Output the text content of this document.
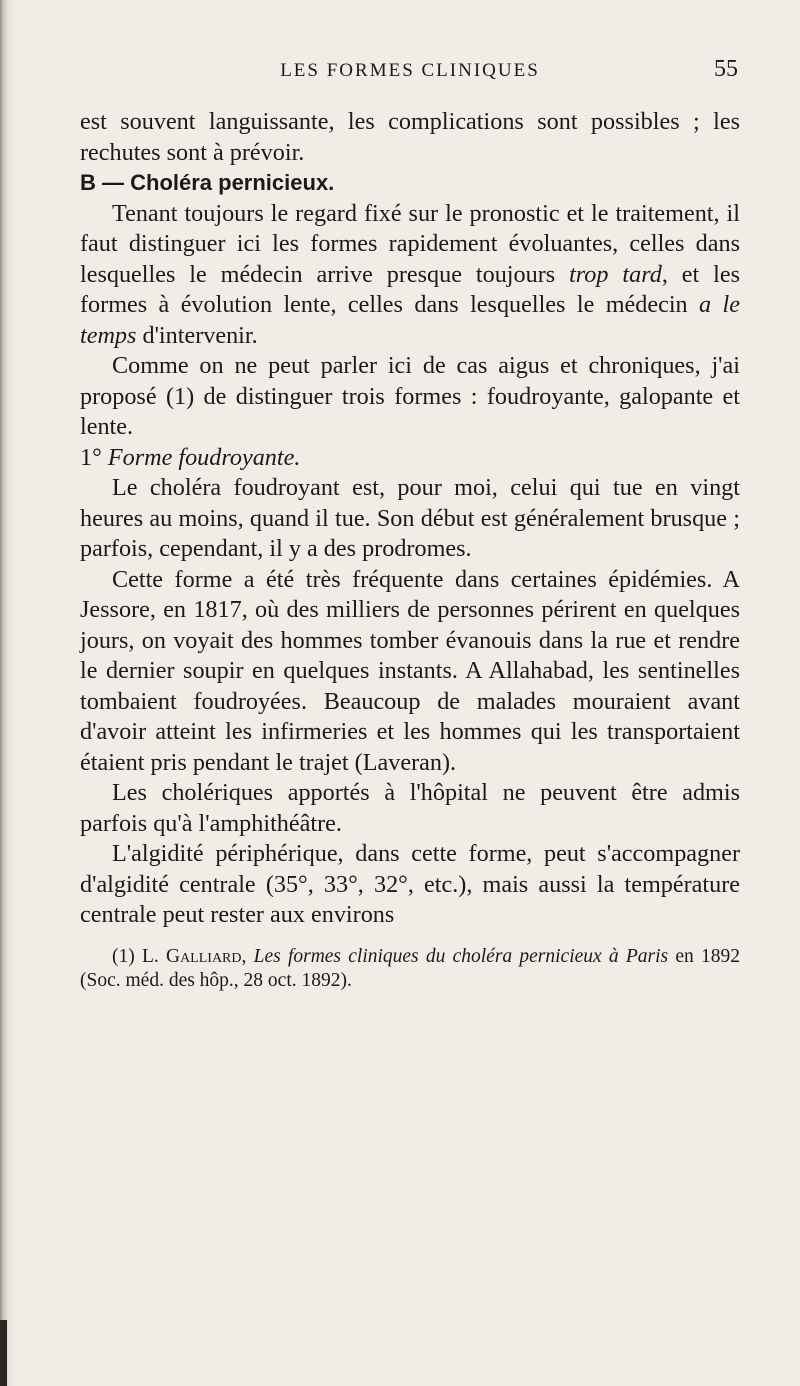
LES FORMES CLINIQUES	55

est souvent languissante, les complications sont possibles ; les rechutes sont à prévoir.

B — Choléra pernicieux.

Tenant toujours le regard fixé sur le pronostic et le traitement, il faut distinguer ici les formes rapidement évoluantes, celles dans lesquelles le médecin arrive presque toujours trop tard, et les formes à évolution lente, celles dans lesquelles le médecin a le temps d'intervenir.

Comme on ne peut parler ici de cas aigus et chroniques, j'ai proposé (1) de distinguer trois formes : foudroyante, galopante et lente.

1° Forme foudroyante.

Le choléra foudroyant est, pour moi, celui qui tue en vingt heures au moins, quand il tue. Son début est généralement brusque ; parfois, cependant, il y a des prodromes.

Cette forme a été très fréquente dans certaines épidémies. A Jessore, en 1817, où des milliers de personnes périrent en quelques jours, on voyait des hommes tomber évanouis dans la rue et rendre le dernier soupir en quelques instants. A Allahabad, les sentinelles tombaient foudroyées. Beaucoup de malades mouraient avant d'avoir atteint les infirmeries et les hommes qui les transportaient étaient pris pendant le trajet (Laveran).

Les cholériques apportés à l'hôpital ne peuvent être admis parfois qu'à l'amphithéâtre.

L'algidité périphérique, dans cette forme, peut s'accompagner d'algidité centrale (35°, 33°, 32°, etc.), mais aussi la température centrale peut rester aux environs

(1) L. Galliard, Les formes cliniques du choléra pernicieux à Paris en 1892 (Soc. méd. des hôp., 28 oct. 1892).
